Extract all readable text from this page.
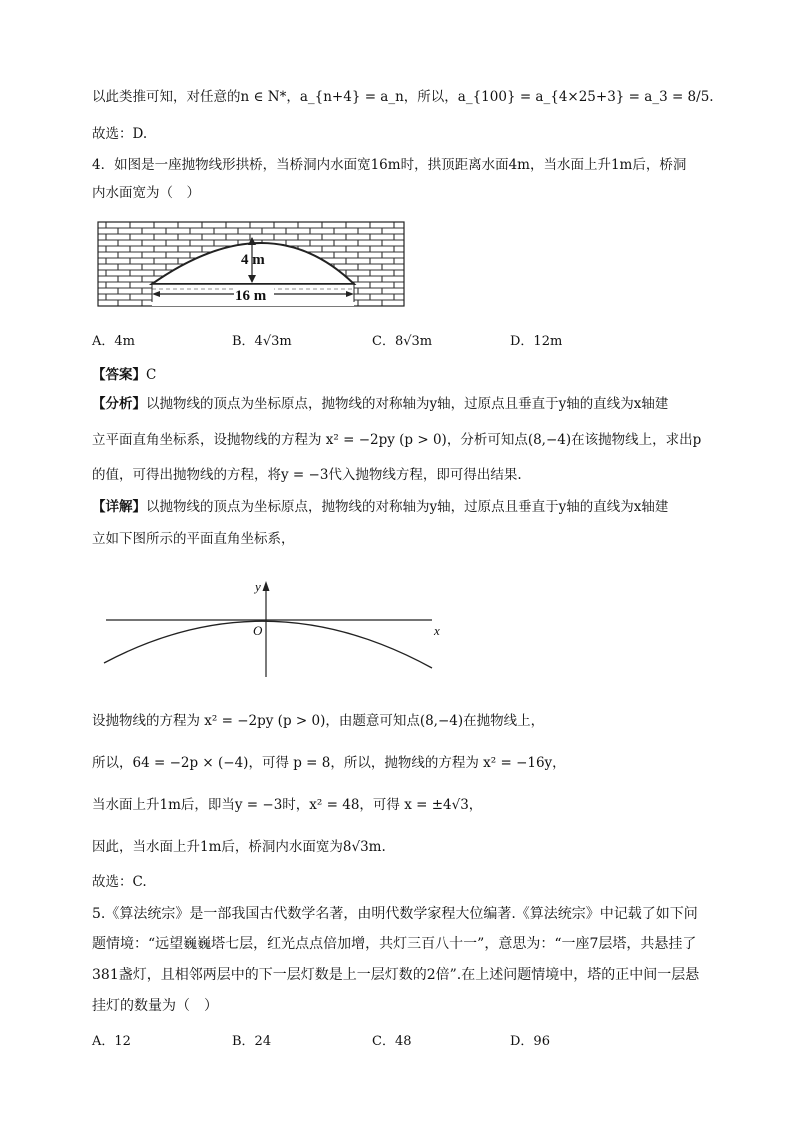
以此类推可知，对任意的n ∈ N*，a_{n+4} = a_n，所以，a_{100} = a_{4×25+3} = a_3 = 8/5.
故选：D.
4．如图是一座抛物线形拱桥，当桥洞内水面宽16m时，拱顶距离水面4m，当水面上升1m后，桥洞
内水面宽为（　）
4 m
16 m
A．4m	B．4√3m	C．8√3m	D．12m
【答案】C
【分析】以抛物线的顶点为坐标原点，抛物线的对称轴为y轴，过原点且垂直于y轴的直线为x轴建
立平面直角坐标系，设抛物线的方程为 x² = −2py (p > 0)，分析可知点(8,−4)在该抛物线上，求出p
的值，可得出抛物线的方程，将y = −3代入抛物线方程，即可得出结果.
【详解】以抛物线的顶点为坐标原点，抛物线的对称轴为y轴，过原点且垂直于y轴的直线为x轴建
立如下图所示的平面直角坐标系，
y
x
O
设抛物线的方程为 x² = −2py (p > 0)，由题意可知点(8,−4)在抛物线上，
所以，64 = −2p × (−4)，可得 p = 8，所以，抛物线的方程为 x² = −16y，
当水面上升1m后，即当y = −3时，x² = 48，可得 x = ±4√3，
因此，当水面上升1m后，桥洞内水面宽为8√3m.
故选：C.
5.《算法统宗》是一部我国古代数学名著，由明代数学家程大位编著.《算法统宗》中记载了如下问
题情境：“远望巍巍塔七层，红光点点倍加增，共灯三百八十一”，意思为：“一座7层塔，共悬挂了
381盏灯，且相邻两层中的下一层灯数是上一层灯数的2倍”.在上述问题情境中，塔的正中间一层悬
挂灯的数量为（　）
A．12	B．24	C．48	D．96
